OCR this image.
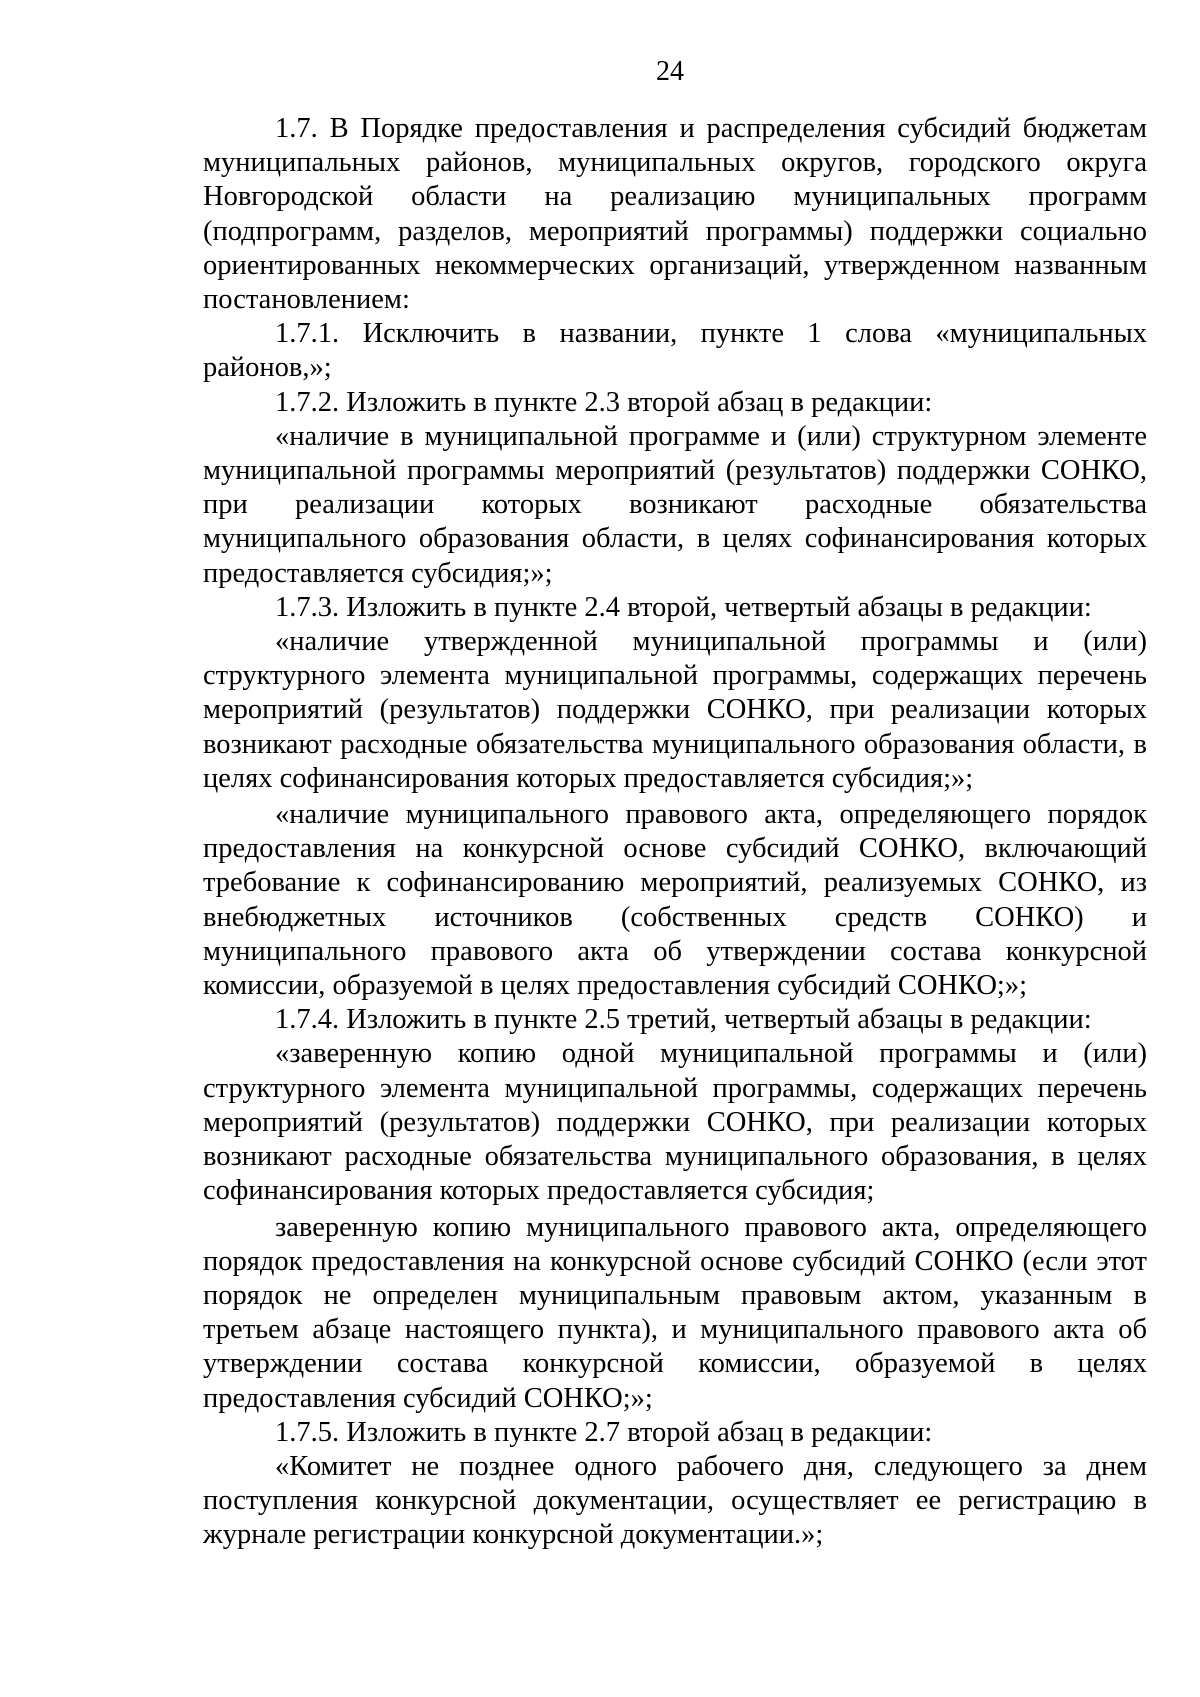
24

1.7. В Порядке предоставления и распределения субсидий бюджетам муниципальных районов, муниципальных округов, городского округа Новгородской области на реализацию муниципальных программ (подпрограмм, разделов, мероприятий программы) поддержки социально ориентированных некоммерческих организаций, утвержденном названным постановлением:

1.7.1. Исключить в названии, пункте 1 слова «муниципальных районов,»;

1.7.2. Изложить в пункте 2.3 второй абзац в редакции:

«наличие в муниципальной программе и (или) структурном элементе муниципальной программы мероприятий (результатов) поддержки СОНКО, при реализации которых возникают расходные обязательства муниципального образования области, в целях софинансирования которых предоставляется субсидия;»;

1.7.3. Изложить в пункте 2.4 второй, четвертый абзацы в редакции:

«наличие утвержденной муниципальной программы и (или) структурного элемента муниципальной программы, содержащих перечень мероприятий (результатов) поддержки СОНКО, при реализации которых возникают расходные обязательства муниципального образования области, в целях софинансирования которых предоставляется субсидия;»;

«наличие муниципального правового акта, определяющего порядок предоставления на конкурсной основе субсидий СОНКО, включающий требование к софинансированию мероприятий, реализуемых СОНКО, из внебюджетных источников (собственных средств СОНКО) и муниципального правового акта об утверждении состава конкурсной комиссии, образуемой в целях предоставления субсидий СОНКО;»;

1.7.4. Изложить в пункте 2.5 третий, четвертый абзацы в редакции:

«заверенную копию одной муниципальной программы и (или) структурного элемента муниципальной программы, содержащих перечень мероприятий (результатов) поддержки СОНКО, при реализации которых возникают расходные обязательства муниципального образования, в целях софинансирования которых предоставляется субсидия;

заверенную копию муниципального правового акта, определяющего порядок предоставления на конкурсной основе субсидий СОНКО (если этот порядок не определен муниципальным правовым актом, указанным в третьем абзаце настоящего пункта), и муниципального правового акта об утверждении состава конкурсной комиссии, образуемой в целях предоставления субсидий СОНКО;»;

1.7.5. Изложить в пункте 2.7 второй абзац в редакции:

«Комитет не позднее одного рабочего дня, следующего за днем поступления конкурсной документации, осуществляет ее регистрацию в журнале регистрации конкурсной документации.»;
